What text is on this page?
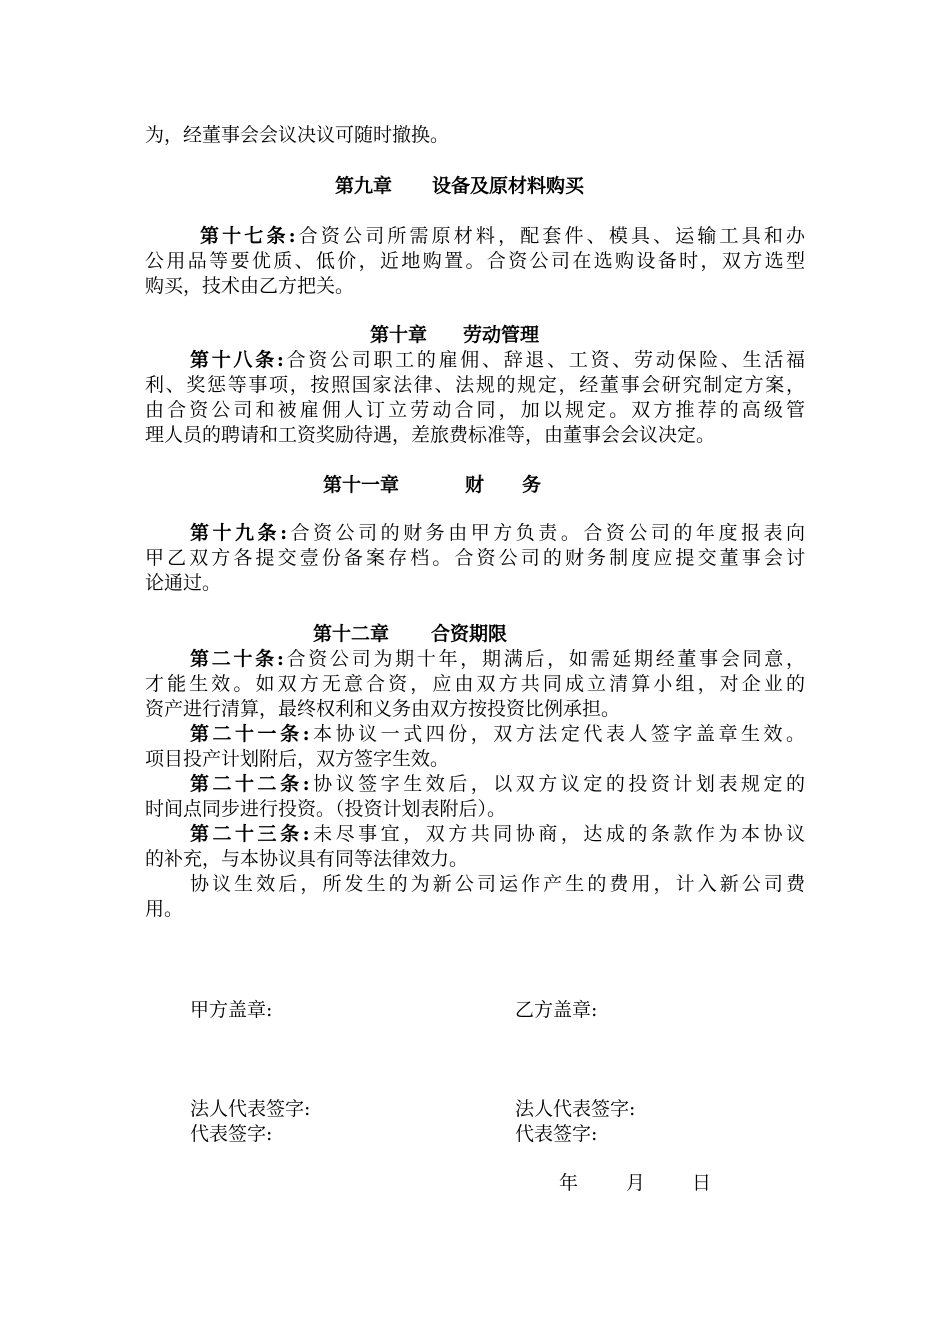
为，经董事会会议决议可随时撤换。
第九章 设备及原材料购买
第十七条:合资公司所需原材料，配套件、模具、运输工具和办
公用品等要优质、低价，近地购置。合资公司在选购设备时，双方选型
购买，技术由乙方把关。
第十章 劳动管理
第十八条:合资公司职工的雇佣、辞退、工资、劳动保险、生活福
利、奖惩等事项，按照国家法律、法规的规定，经董事会研究制定方案，
由合资公司和被雇佣人订立劳动合同，加以规定。双方推荐的高级管
理人员的聘请和工资奖励待遇，差旅费标准等，由董事会会议决定。
第十一章	财 务
第十九条:合资公司的财务由甲方负责。合资公司的年度报表向
甲乙双方各提交壹份备案存档。合资公司的财务制度应提交董事会讨
论通过。
第十二章 合资期限
第二十条:合资公司为期十年，期满后，如需延期经董事会同意，
才能生效。如双方无意合资，应由双方共同成立清算小组，对企业的
资产进行清算，最终权利和义务由双方按投资比例承担。
第二十一条:本协议一式四份，双方法定代表人签字盖章生效。
项目投产计划附后，双方签字生效。
第二十二条:协议签字生效后，以双方议定的投资计划表规定的
时间点同步进行投资。（投资计划表附后）。
第二十三条:未尽事宜，双方共同协商，达成的条款作为本协议
的补充，与本协议具有同等法律效力。
协议生效后，所发生的为新公司运作产生的费用，计入新公司费
用。
甲方盖章:	乙方盖章:
法人代表签字:	法人代表签字:
代表签字:	代表签字:
年	月 日
